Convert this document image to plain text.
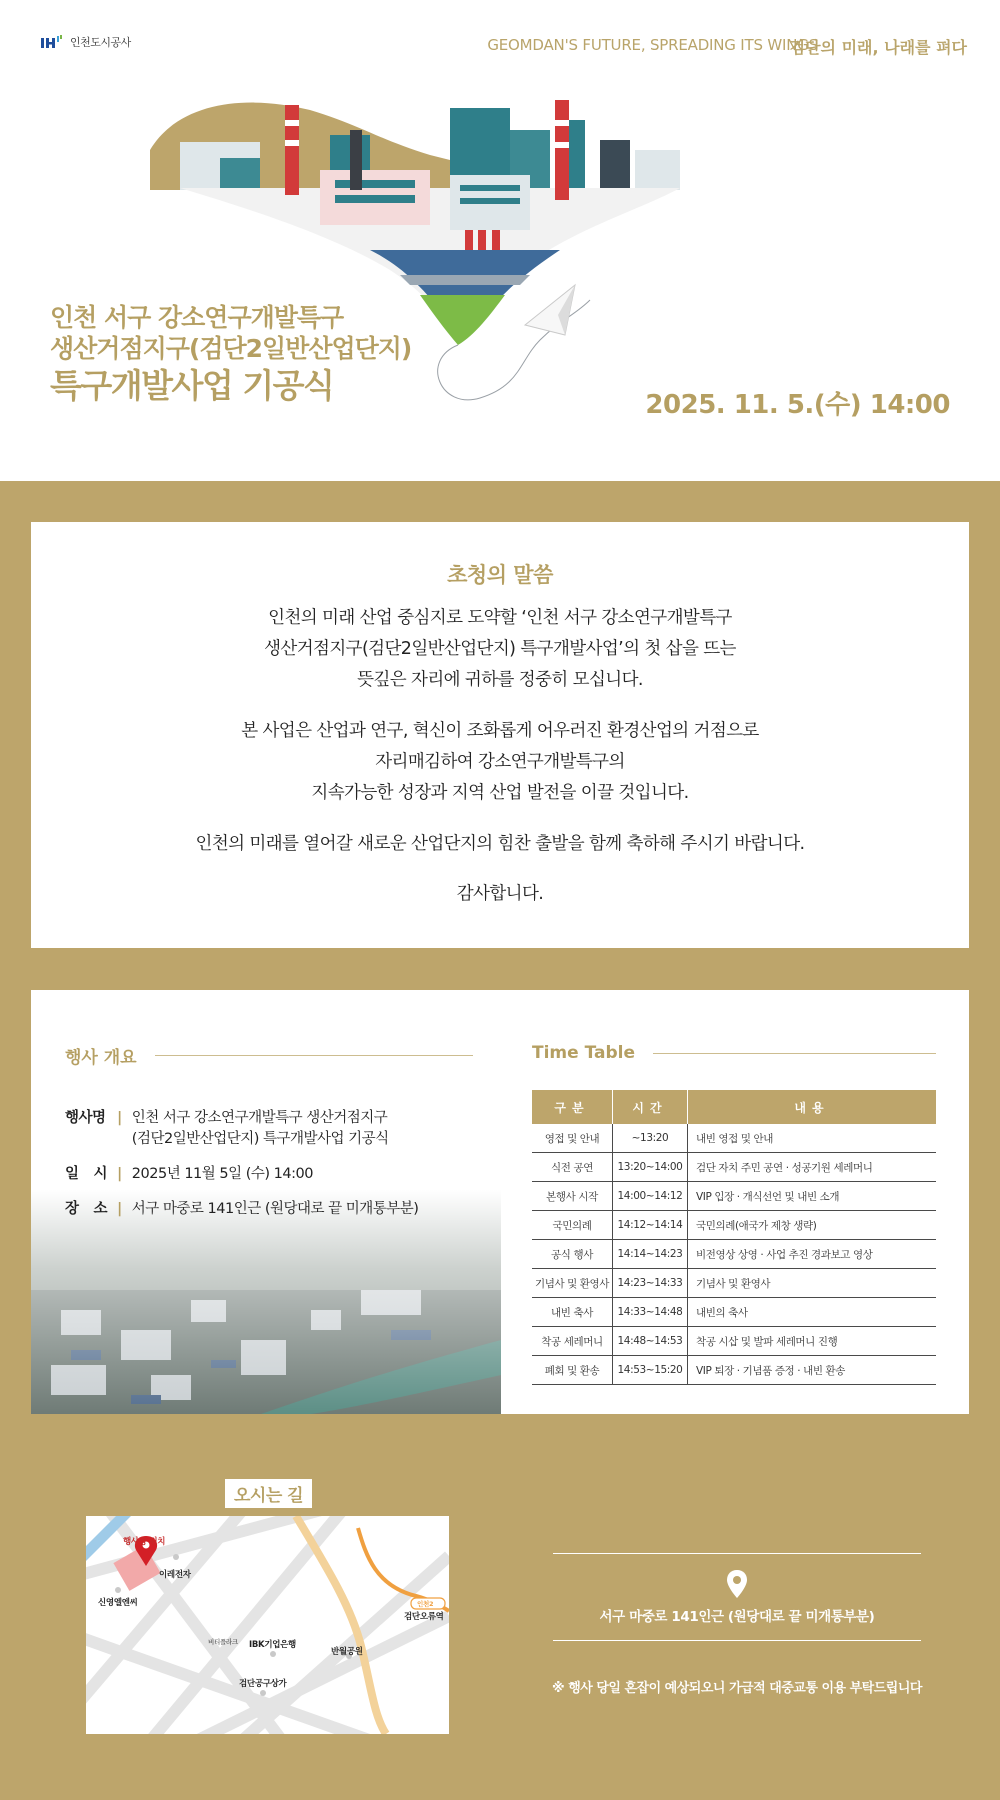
인천도시공사	GEOMDAN'S FUTURE, SPREADING ITS WINGS
검단의 미래, 나래를 펴다
인천 서구 강소연구개발특구
생산거점지구(검단2일반산업단지)
특구개발사업 기공식	2025. 11. 5.(수) 14:00
초청의 말씀

인천의 미래 산업 중심지로 도약할 ‘인천 서구 강소연구개발특구

생산거점지구(검단2일반산업단지) 특구개발사업’의 첫 삽을 뜨는

뜻깊은 자리에 귀하를 정중히 모십니다.

본 사업은 산업과 연구, 혁신이 조화롭게 어우러진 환경산업의 거점으로

자리매김하여 강소연구개발특구의

지속가능한 성장과 지역 산업 발전을 이끌 것입니다.

인천의 미래를 열어갈 새로운 산업단지의 힘찬 출발을 함께 축하해 주시기 바랍니다.

감사합니다.

행사 개요
행사명 | 인천 서구 강소연구개발특구 생산거점지구
(검단2일반산업단지) 특구개발사업 기공식
일 시 | 2025년 11월 5일 (수) 14:00
장 소 | 서구 마중로 141인근 (원당대로 끝 미개통부분)
Time Table
구분	시간	내용
영접 및 안내	~13:20	내빈 영접 및 안내
식전 공연	13:20~14:00	검단 자치 주민 공연 · 성공기원 세레머니
본행사 시작	14:00~14:12	VIP 입장 · 개식선언 및 내빈 소개
국민의례	14:12~14:14	국민의례(애국가 제창 생략)
공식 행사	14:14~14:23	비전영상 상영 · 사업 추진 경과보고 영상
기념사 및 환영사	14:23~14:33	기념사 및 환영사
내빈 축사	14:33~14:48	내빈의 축사
착공 세레머니	14:48~14:53	착공 시삽 및 발파 세레머니 진행
폐회 및 환송	14:53~15:20	VIP 퇴장 · 기념품 증정 · 내빈 환송
오시는 길
행사장 위치
이레전자
신영엘엔씨
비티플라크 IBK기업은행
반월공원
검단공구상가
검단오류역
인천2
서구 마중로 141인근 (원당대로 끝 미개통부분)
※ 행사 당일 혼잡이 예상되오니 가급적 대중교통 이용 부탁드립니다
